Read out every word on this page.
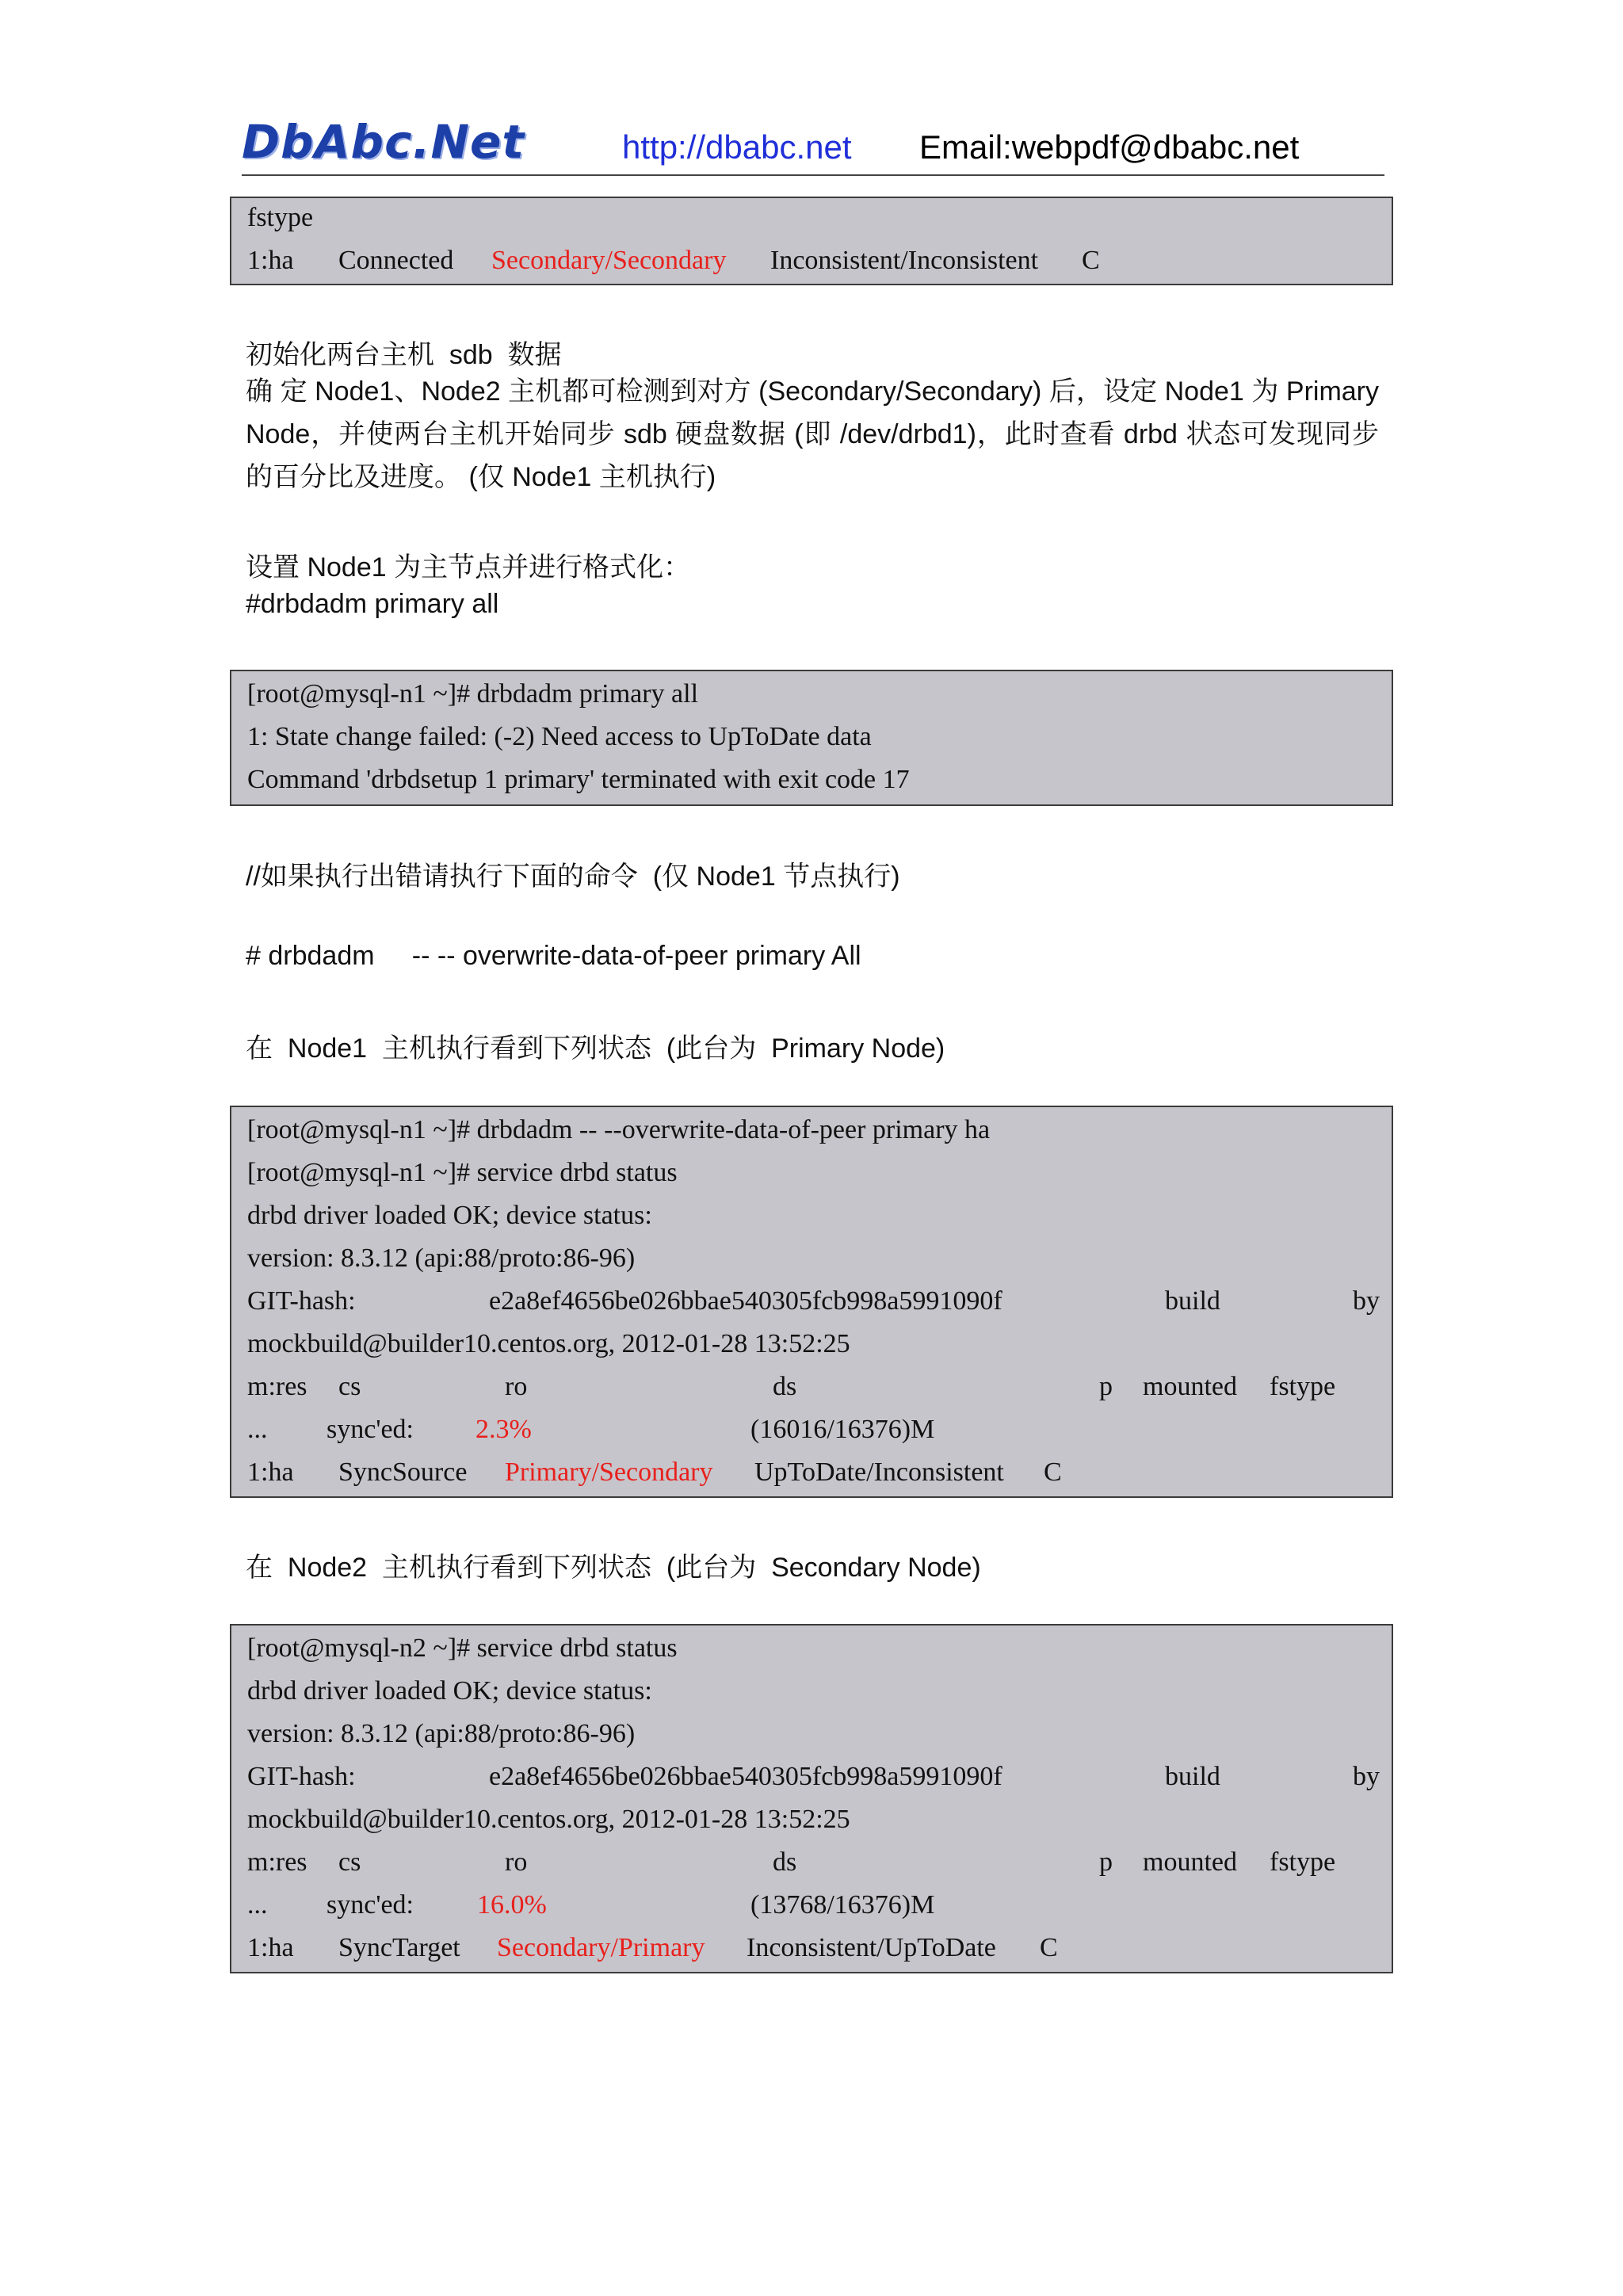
DbAbc.Net	http://dbabc.net Email:webpdf@dbabc.net
fstype
1:ha Connected Secondary/Secondary Inconsistent/Inconsistent C
初始化两台主机  sdb  数据
确 定 Node1、Node2 主机都可检测到对方 (Secondary/Secondary) 后，设定 Node1 为 Primary Node，并使两台主机开始同步 sdb 硬盘数据 (即 /dev/drbd1)，此时查看 drbd 状态可发现同步的百分比及进度。 (仅 Node1 主机执行)
设置 Node1 为主节点并进行格式化：
#drbdadm primary all
[root@mysql-n1 ~]# drbdadm primary all
1: State change failed: (-2) Need access to UpToDate data
Command 'drbdsetup 1 primary' terminated with exit code 17
//如果执行出错请执行下面的命令  (仅 Node1 节点执行)
# drbdadm     -- -- overwrite-data-of-peer primary All
在  Node1  主机执行看到下列状态  (此台为  Primary Node)
[root@mysql-n1 ~]# drbdadm -- --overwrite-data-of-peer primary ha
[root@mysql-n1 ~]# service drbd status
drbd driver loaded OK; device status:
version: 8.3.12 (api:88/proto:86-96)
GIT-hash:	e2a8ef4656be026bbae540305fcb998a5991090f	build	by
mockbuild@builder10.centos.org, 2012-01-28 13:52:25
m:res cs	ro	ds	p mounted fstype
... sync'ed: 2.3%	(16016/16376)M
1:ha SyncSource Primary/Secondary UpToDate/Inconsistent C
在  Node2  主机执行看到下列状态  (此台为  Secondary Node)
[root@mysql-n2 ~]# service drbd status
drbd driver loaded OK; device status:
version: 8.3.12 (api:88/proto:86-96)
GIT-hash:	e2a8ef4656be026bbae540305fcb998a5991090f	build	by
mockbuild@builder10.centos.org, 2012-01-28 13:52:25
m:res cs	ro	ds	p mounted fstype
... sync'ed: 16.0%	(13768/16376)M
1:ha SyncTarget Secondary/Primary Inconsistent/UpToDate C
